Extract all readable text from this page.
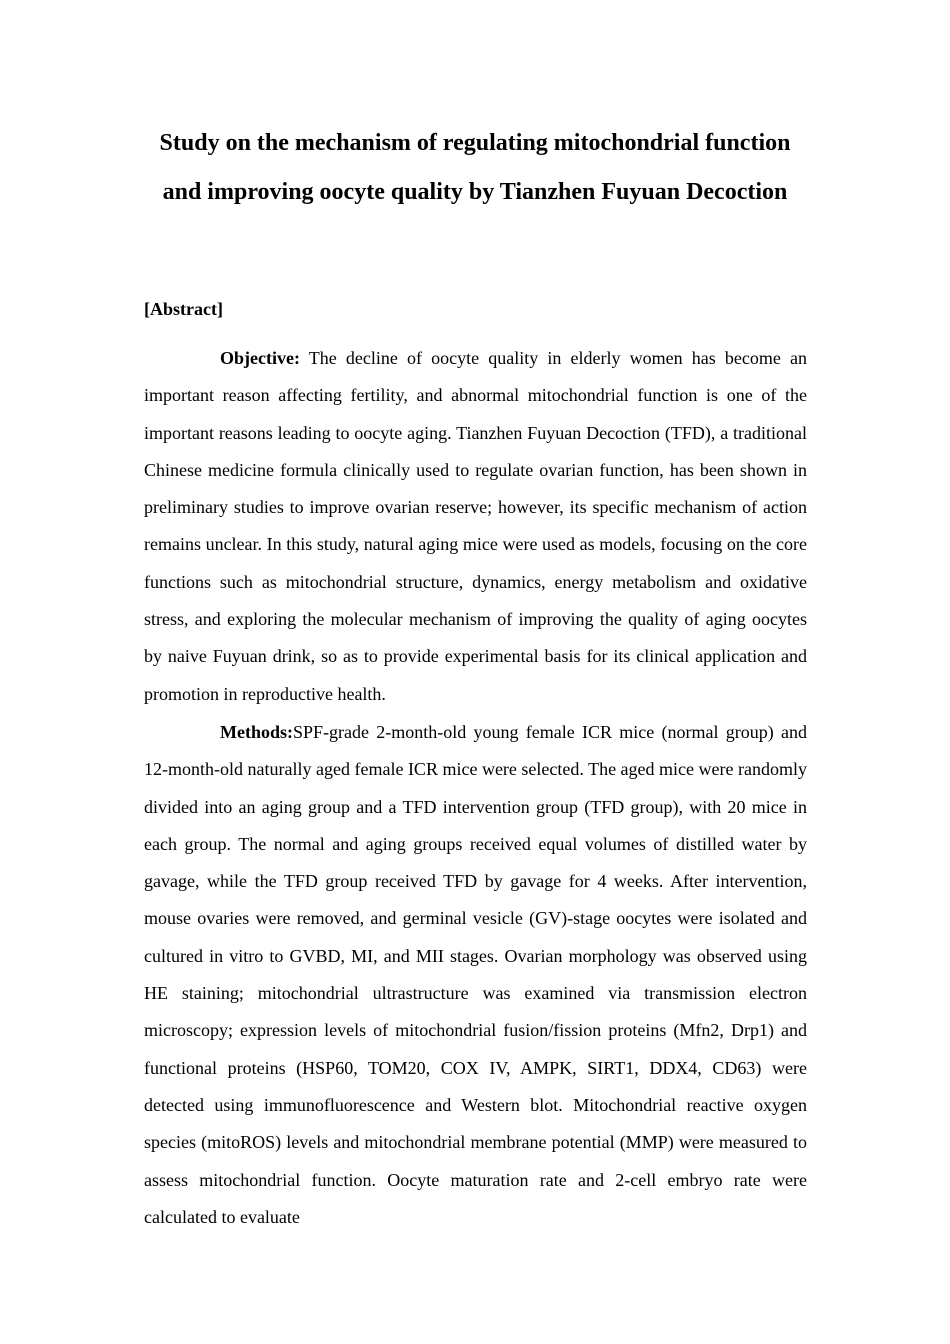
Study on the mechanism of regulating mitochondrial function and improving oocyte quality by Tianzhen Fuyuan Decoction
[Abstract]

Objective: The decline of oocyte quality in elderly women has become an important reason affecting fertility, and abnormal mitochondrial function is one of the important reasons leading to oocyte aging. Tianzhen Fuyuan Decoction (TFD), a traditional Chinese medicine formula clinically used to regulate ovarian function, has been shown in preliminary studies to improve ovarian reserve; however, its specific mechanism of action remains unclear. In this study, natural aging mice were used as models, focusing on the core functions such as mitochondrial structure, dynamics, energy metabolism and oxidative stress, and exploring the molecular mechanism of improving the quality of aging oocytes by naive Fuyuan drink, so as to provide experimental basis for its clinical application and promotion in reproductive health.

Methods:SPF-grade 2-month-old young female ICR mice (normal group) and 12-month-old naturally aged female ICR mice were selected. The aged mice were randomly divided into an aging group and a TFD intervention group (TFD group), with 20 mice in each group. The normal and aging groups received equal volumes of distilled water by gavage, while the TFD group received TFD by gavage for 4 weeks. After intervention, mouse ovaries were removed, and germinal vesicle (GV)-stage oocytes were isolated and cultured in vitro to GVBD, MI, and MII stages. Ovarian morphology was observed using HE staining; mitochondrial ultrastructure was examined via transmission electron microscopy; expression levels of mitochondrial fusion/fission proteins (Mfn2, Drp1) and functional proteins (HSP60, TOM20, COX IV, AMPK, SIRT1, DDX4, CD63) were detected using immunofluorescence and Western blot. Mitochondrial reactive oxygen species (mitoROS) levels and mitochondrial membrane potential (MMP) were measured to assess mitochondrial function. Oocyte maturation rate and 2-cell embryo rate were calculated to evaluate
